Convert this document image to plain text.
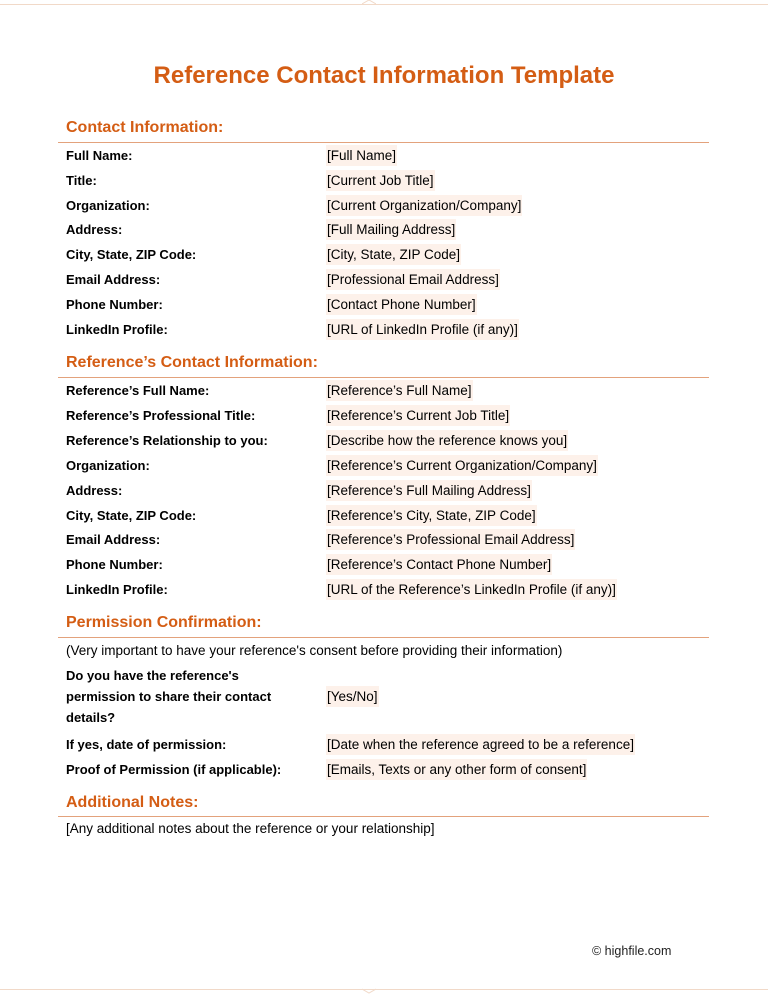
Reference Contact Information Template
Contact Information:
Full Name:	[Full Name]
Title:	[Current Job Title]
Organization:	[Current Organization/Company]
Address:	[Full Mailing Address]
City, State, ZIP Code:	[City, State, ZIP Code]
Email Address:	[Professional Email Address]
Phone Number:	[Contact Phone Number]
LinkedIn Profile:	[URL of LinkedIn Profile (if any)]
Reference’s Contact Information:
Reference’s Full Name:	[Reference’s Full Name]
Reference’s Professional Title:	[Reference’s Current Job Title]
Reference’s Relationship to you:	[Describe how the reference knows you]
Organization:	[Reference’s Current Organization/Company]
Address:	[Reference’s Full Mailing Address]
City, State, ZIP Code:	[Reference’s City, State, ZIP Code]
Email Address:	[Reference’s Professional Email Address]
Phone Number:	[Reference’s Contact Phone Number]
LinkedIn Profile:	[URL of the Reference’s LinkedIn Profile (if any)]
Permission Confirmation:
(Very important to have your reference's consent before providing their information)
Do you have the reference's
permission to share their contact
details?
[Yes/No]
If yes, date of permission:	[Date when the reference agreed to be a reference]
Proof of Permission (if applicable):	[Emails, Texts or any other form of consent]
Additional Notes:
[Any additional notes about the reference or your relationship]
© highfile.com
